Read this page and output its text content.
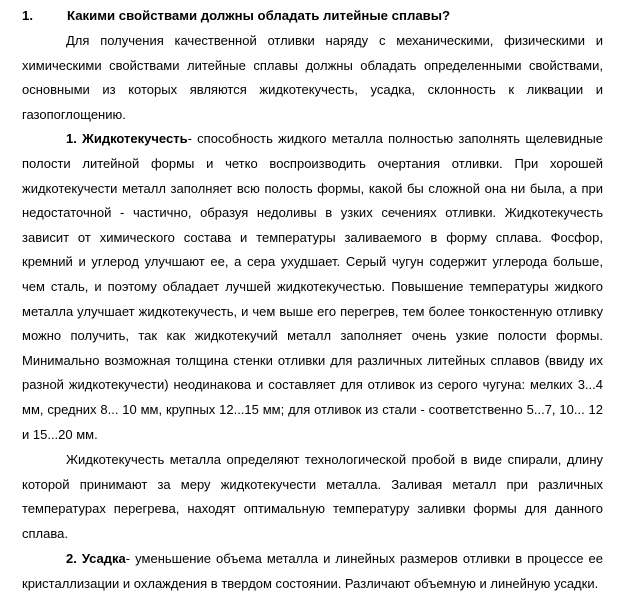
1.	Какими свойствами должны обладать литейные сплавы?

Для получения качественной отливки наряду с механическими, физическими и химическими свойствами литейные сплавы должны обладать определенными свойствами, основными из которых являются жидкотекучесть, усадка, склонность к ликвации и газопоглощению.

1. Жидкотекучесть- способность жидкого металла полностью заполнять щелевидные полости литейной формы и четко воспроизводить очертания отливки. При хорошей жидкотекучести металл заполняет всю полость формы, какой бы сложной она ни была, а при недостаточной - частично, образуя недоливы в узких сечениях отливки. Жидкотекучесть зависит от химического состава и температуры заливаемого в форму сплава. Фосфор, кремний и углерод улучшают ее, а сера ухудшает. Серый чугун содержит углерода больше, чем сталь, и поэтому обладает лучшей жидкотекучестью. Повышение температуры жидкого металла улучшает жидкотекучесть, и чем выше его перегрев, тем более тонкостенную отливку можно получить, так как жидкотекучий металл заполняет очень узкие полости формы. Минимально возможная толщина стенки отливки для различных литейных сплавов (ввиду их разной жидкотекучести) неодинакова и составляет для отливок из серого чугуна: мелких 3...4 мм, средних 8... 10 мм, крупных 12...15 мм; для отливок из стали - соответственно 5...7, 10... 12 и 15...20 мм.

Жидкотекучесть металла определяют технологической пробой в виде спирали, длину которой принимают за меру жидкотекучести металла. Заливая металл при различных температурах перегрева, находят оптимальную температуру заливки формы для данного сплава.

2. Усадка- уменьшение объема металла и линейных размеров отливки в процессе ее кристаллизации и охлаждения в твердом состоянии. Различают объемную и линейную усадки.
